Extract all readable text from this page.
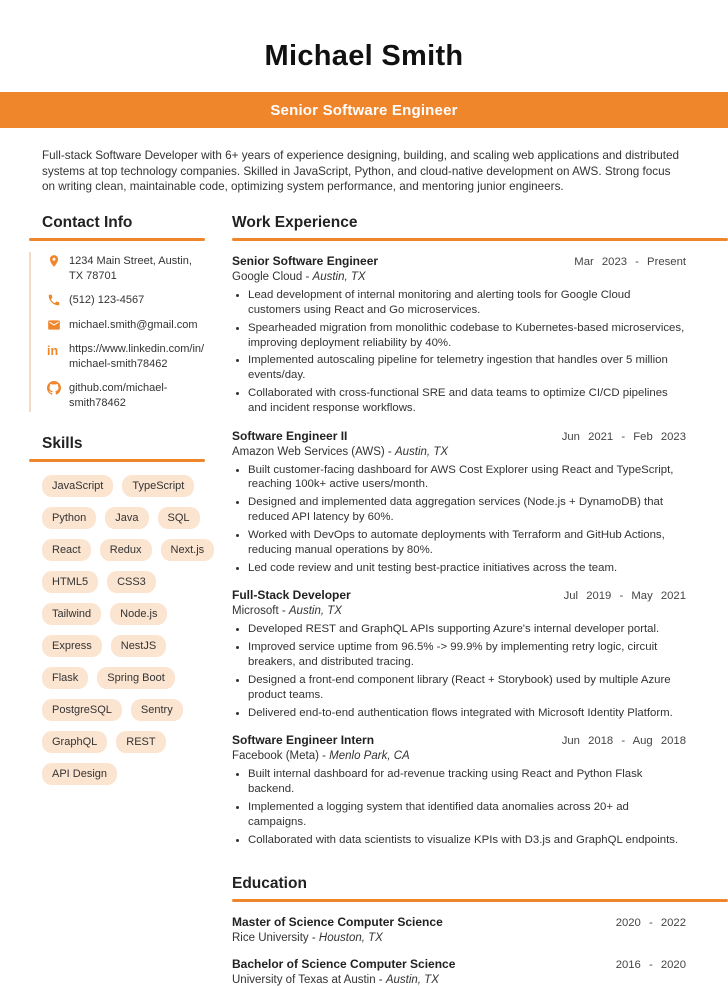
Michael Smith
Senior Software Engineer

Full-stack Software Developer with 6+ years of experience designing, building, and scaling web applications and distributed systems at top technology companies. Skilled in JavaScript, Python, and cloud-native development on AWS. Strong focus on writing clean, maintainable code, optimizing system performance, and mentoring junior engineers.

Contact Info
1234 Main Street, Austin, TX 78701
(512) 123-4567
michael.smith@gmail.com
in https://www.linkedin.com/in/michael-smith78462
github.com/michael-smith78462
Skills
JavaScript	TypeScript
Python	Java	SQL
React	Redux	Next.js
HTML5	CSS3
Tailwind	Node.js
Express	NestJS
Flask	Spring Boot
PostgreSQL	Sentry
GraphQL	REST
API Design
Work Experience
Senior Software Engineer	Mar 2023 - Present
Google Cloud - Austin, TX
• Lead development of internal monitoring and alerting tools for Google Cloud customers using React and Go microservices.
• Spearheaded migration from monolithic codebase to Kubernetes-based microservices, improving deployment reliability by 40%.
• Implemented autoscaling pipeline for telemetry ingestion that handles over 5 million events/day.
• Collaborated with cross-functional SRE and data teams to optimize CI/CD pipelines and incident response workflows.
Software Engineer II	Jun 2021 - Feb 2023
Amazon Web Services (AWS) - Austin, TX
• Built customer-facing dashboard for AWS Cost Explorer using React and TypeScript, reaching 100k+ active users/month.
• Designed and implemented data aggregation services (Node.js + DynamoDB) that reduced API latency by 60%.
• Worked with DevOps to automate deployments with Terraform and GitHub Actions, reducing manual operations by 80%.
• Led code review and unit testing best-practice initiatives across the team.
Full-Stack Developer	Jul 2019 - May 2021
Microsoft - Austin, TX
• Developed REST and GraphQL APIs supporting Azure's internal developer portal.
• Improved service uptime from 96.5% -> 99.9% by implementing retry logic, circuit breakers, and distributed tracing.
• Designed a front-end component library (React + Storybook) used by multiple Azure product teams.
• Delivered end-to-end authentication flows integrated with Microsoft Identity Platform.
Software Engineer Intern	Jun 2018 - Aug 2018
Facebook (Meta) - Menlo Park, CA
• Built internal dashboard for ad-revenue tracking using React and Python Flask backend.
• Implemented a logging system that identified data anomalies across 20+ ad campaigns.
• Collaborated with data scientists to visualize KPIs with D3.js and GraphQL endpoints.
Education
Master of Science Computer Science	2020 - 2022
Rice University - Houston, TX
Bachelor of Science Computer Science	2016 - 2020
University of Texas at Austin - Austin, TX
